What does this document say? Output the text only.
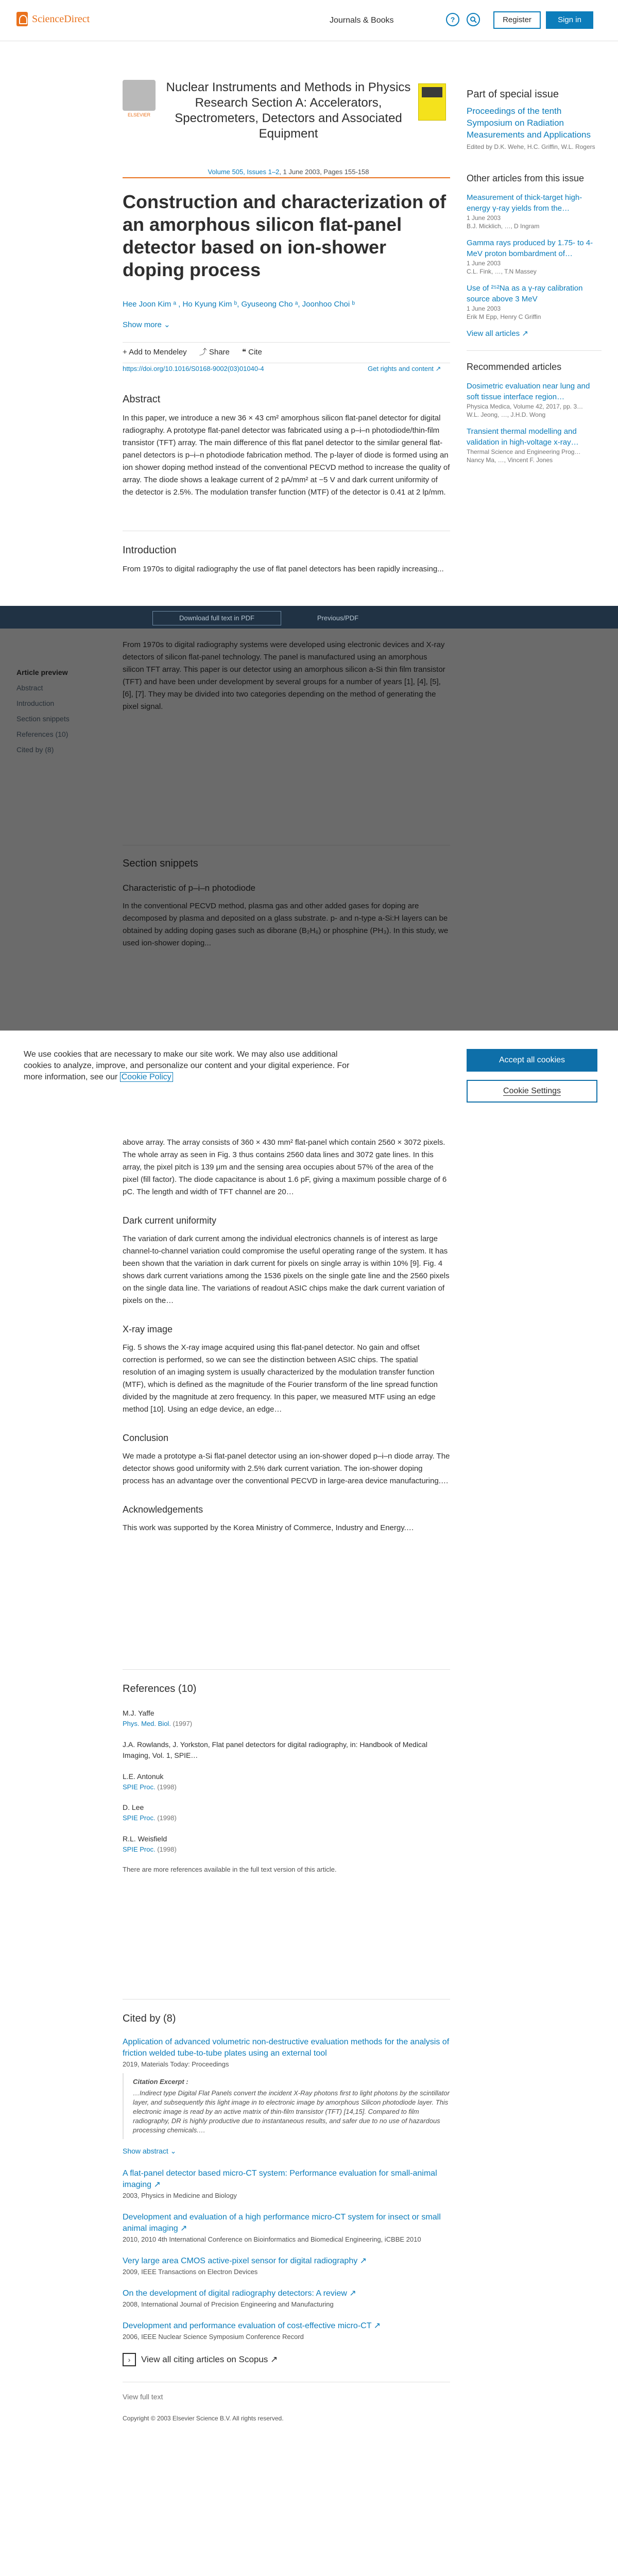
ScienceDirect	Journals & Books	?	Register	Sign in
ELSEVIER
Nuclear Instruments and Methods in Physics Research Section A: Accelerators, Spectrometers, Detectors and Associated Equipment
Volume 505, Issues 1–2, 1 June 2003, Pages 155-158
Construction and characterization of an amorphous silicon flat-panel detector based on ion-shower doping process
Hee Joon Kim ᵃ , Ho Kyung Kim ᵇ, Gyuseong Cho ᵃ, Joonhoo Choi ᵇ
Show more ⌄
+ Add to Mendeley ⤴ Share ❝ Cite
https://doi.org/10.1016/S0168-9002(03)01040-4	Get rights and content ↗
Abstract

In this paper, we introduce a new 36 × 43 cm² amorphous silicon flat-panel detector for digital radiography. A prototype flat-panel detector was fabricated using a p–i–n photodiode/thin-film transistor (TFT) array. The main difference of this flat panel detector to the similar general flat-panel detectors is p–i–n photodiode fabrication method. The p-layer of diode is formed using an ion shower doping method instead of the conventional PECVD method to increase the quality of array. The diode shows a leakage current of 2 pA/mm² at −5 V and dark current uniformity of the detector is 2.5%. The modulation transfer function (MTF) of the detector is 0.41 at 2 lp/mm.

Introduction

From 1970s to digital radiography the use of flat panel detectors has been rapidly increasing...

Part of special issue
Proceedings of the tenth Symposium on Radiation Measurements and Applications
Edited by D.K. Wehe, H.C. Griffin, W.L. Rogers
Other articles from this issue
Measurement of thick-target high-energy γ-ray yields from the…
1 June 2003
B.J. Micklich, …, D Ingram
Gamma rays produced by 1.75- to 4-MeV proton bombardment of…
1 June 2003
C.L. Fink, …, T.N Massey
Use of ²⁵²Na as a γ-ray calibration source above 3 MeV
1 June 2003
Erik M Epp, Henry C Griffin
View all articles ↗
Recommended articles
Dosimetric evaluation near lung and soft tissue interface region…
Physica Medica, Volume 42, 2017, pp. 3…
W.L. Jeong, …, J.H.D. Wong
Transient thermal modelling and validation in high-voltage x-ray…
Thermal Science and Engineering Prog…
Nancy Ma, …, Vincent F. Jones
Download full text in PDF	Previous/PDF

We use cookies that are necessary to make our site work. We may also use additional cookies to analyze, improve, and personalize our content and your digital experience. For more information, see our Cookie Policy
Accept all cookies
Cookie Settings

above array. The array consists of 360 × 430 mm² flat-panel which contain 2560 × 3072 pixels. The whole array as seen in Fig. 3 thus contains 2560 data lines and 3072 gate lines. In this array, the pixel pitch is 139 μm and the sensing area occupies about 57% of the area of the pixel (fill factor). The diode capacitance is about 1.6 pF, giving a maximum possible charge of 6 pC. The length and width of TFT channel are 20…

Dark current uniformity

The variation of dark current among the individual electronics channels is of interest as large channel-to-channel variation could compromise the useful operating range of the system. It has been shown that the variation in dark current for pixels on single array is within 10% [9]. Fig. 4 shows dark current variations among the 1536 pixels on the single gate line and the 2560 pixels on the single data line. The variations of readout ASIC chips make the dark current variation of pixels on the…

X-ray image

Fig. 5 shows the X-ray image acquired using this flat-panel detector. No gain and offset correction is performed, so we can see the distinction between ASIC chips. The spatial resolution of an imaging system is usually characterized by the modulation transfer function (MTF), which is defined as the magnitude of the Fourier transform of the line spread function divided by the magnitude at zero frequency. In this paper, we measured MTF using an edge method [10]. Using an edge device, an edge…

Conclusion

We made a prototype a-Si flat-panel detector using an ion-shower doped p–i–n diode array. The detector shows good uniformity with 2.5% dark current variation. The ion-shower doping process has an advantage over the conventional PECVD in large-area device manufacturing.…

Acknowledgements

This work was supported by the Korea Ministry of Commerce, Industry and Energy.…

References (10)
M.J. Yaffe
Phys. Med. Biol. (1997)
J.A. Rowlands, J. Yorkston, Flat panel detectors for digital radiography, in: Handbook of Medical Imaging, Vol. 1, SPIE…
L.E. Antonuk
SPIE Proc. (1998)
D. Lee
SPIE Proc. (1998)
R.L. Weisfield
SPIE Proc. (1998)
There are more references available in the full text version of this article.
Cited by (8)
Application of advanced volumetric non-destructive evaluation methods for the analysis of friction welded tube-to-tube plates using an external tool
2019, Materials Today: Proceedings
Citation Excerpt :
…Indirect type Digital Flat Panels convert the incident X-Ray photons first to light photons by the scintillator layer, and subsequently this light image in to electronic image by amorphous Silicon photodiode layer. This electronic image is read by an active matrix of thin-film transistor (TFT) [14,15]. Compared to film radiography, DR is highly productive due to instantaneous results, and safer due to no use of hazardous processing chemicals.…
Show abstract ⌄
A flat-panel detector based micro-CT system: Performance evaluation for small-animal imaging ↗
2003, Physics in Medicine and Biology
Development and evaluation of a high performance micro-CT system for insect or small animal imaging ↗
2010, 2010 4th International Conference on Bioinformatics and Biomedical Engineering, iCBBE 2010
Very large area CMOS active-pixel sensor for digital radiography ↗
2009, IEEE Transactions on Electron Devices
On the development of digital radiography detectors: A review ↗
2008, International Journal of Precision Engineering and Manufacturing
Development and performance evaluation of cost-effective micro-CT ↗
2006, IEEE Nuclear Science Symposium Conference Record
›	View all citing articles on Scopus ↗
View full text
Copyright © 2003 Elsevier Science B.V. All rights reserved.
